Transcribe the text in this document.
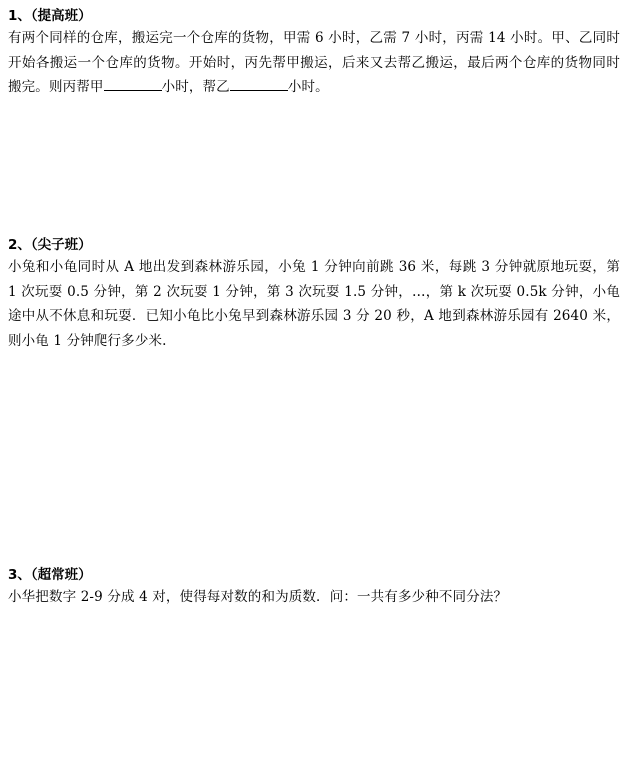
1、（提高班）
有两个同样的仓库，搬运完一个仓库的货物，甲需 6 小时，乙需 7 小时，丙需 14 小时。甲、乙同时开始各搬运一个仓库的货物。开始时，丙先帮甲搬运，后来又去帮乙搬运，最后两个仓库的货物同时搬完。则丙帮甲	小时，帮乙	小时。
2、（尖子班）
小兔和小龟同时从 A 地出发到森林游乐园，小兔 1 分钟向前跳 36 米，每跳 3 分钟就原地玩耍，第 1 次玩耍 0.5 分钟，第 2 次玩耍 1 分钟，第 3 次玩耍 1.5 分钟，…，第 k 次玩耍 0.5k 分钟，小龟途中从不休息和玩耍．已知小龟比小兔早到森林游乐园 3 分 20 秒，A 地到森林游乐园有 2640 米，则小龟 1 分钟爬行多少米.
3、（超常班）
小华把数字 2-9 分成 4 对，使得每对数的和为质数．问：一共有多少种不同分法？
